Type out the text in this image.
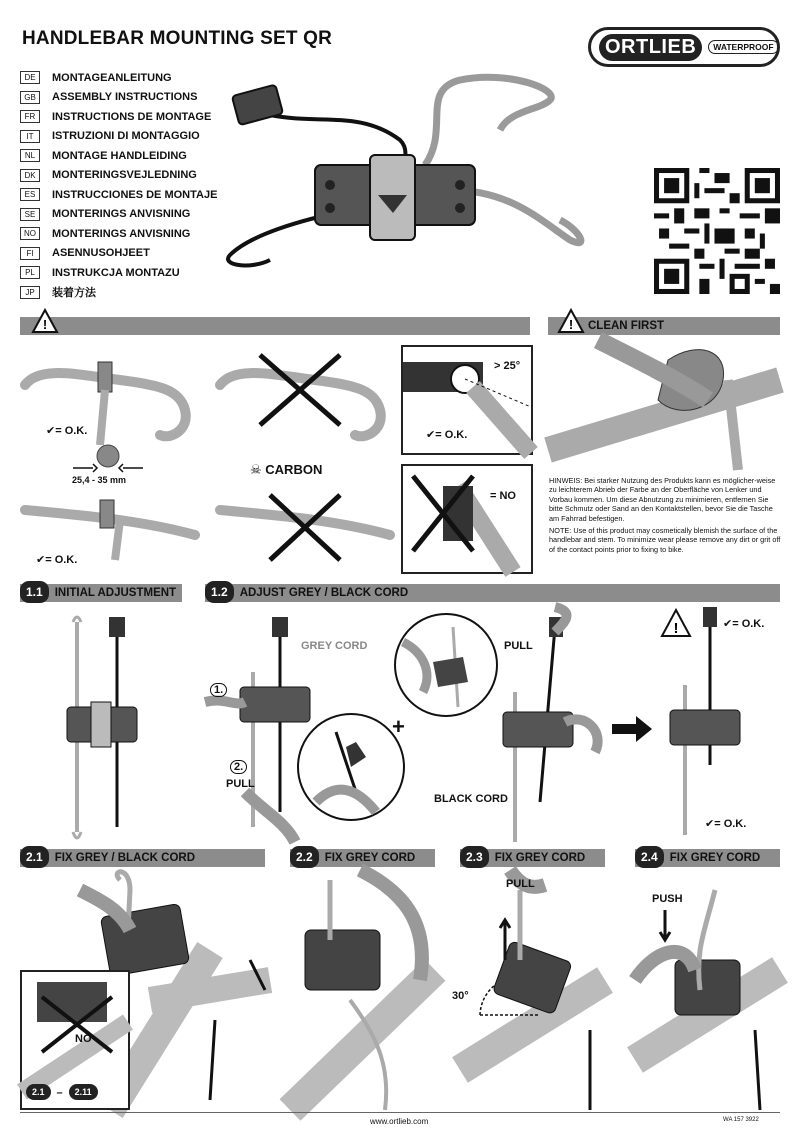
HANDLEBAR MOUNTING SET QR	ORTLIEB	WATERPROOF
DE	MONTAGEANLEITUNG
GB	ASSEMBLY INSTRUCTIONS
FR	INSTRUCTIONS DE MONTAGE
IT	ISTRUZIONI DI MONTAGGIO
NL	MONTAGE HANDLEIDING
DK	MONTERINGSVEJLEDNING
ES	INSTRUCCIONES DE MONTAJE
SE	MONTERINGS ANVISNING
NO	MONTERINGS ANVISNING
FI	ASENNUSOHJEET
PL	INSTRUKCJA MONTAZU
JP	装着方法
!	! CLEAN FIRST
✔= O.K.
25,4 - 35 mm
✔= O.K.
☠ CARBON
> 25°
✔= O.K.
= NO

HINWEIS: Bei starker Nutzung des Produkts kann es möglicher-weise zu leichterem Abrieb der Farbe an der Oberfläche von Lenker und Vorbau kommen. Um diese Abnutzung zu minimieren, entfernen Sie bitte Schmutz oder Sand an den Kontaktstellen, bevor Sie die Tasche am Fahrrad befestigen.

NOTE: Use of this product may cosmetically blemish the surface of the handlebar and stem. To minimize wear please remove any dirt or grit off of the contact points prior to fixing to bike.

1.1	INITIAL ADJUSTMENT	1.2	ADJUST GREY / BLACK CORD
GREY CORD
1.
2.
PULL
+
PULL
BLACK CORD
!	✔= O.K.
✔= O.K.
2.1	FIX GREY / BLACK CORD	2.2	FIX GREY CORD	2.3	FIX GREY CORD	2.4	FIX GREY CORD
NO
2.1	–	2.11
PULL
30°
PUSH
www.ortlieb.com	WA 157 3922
